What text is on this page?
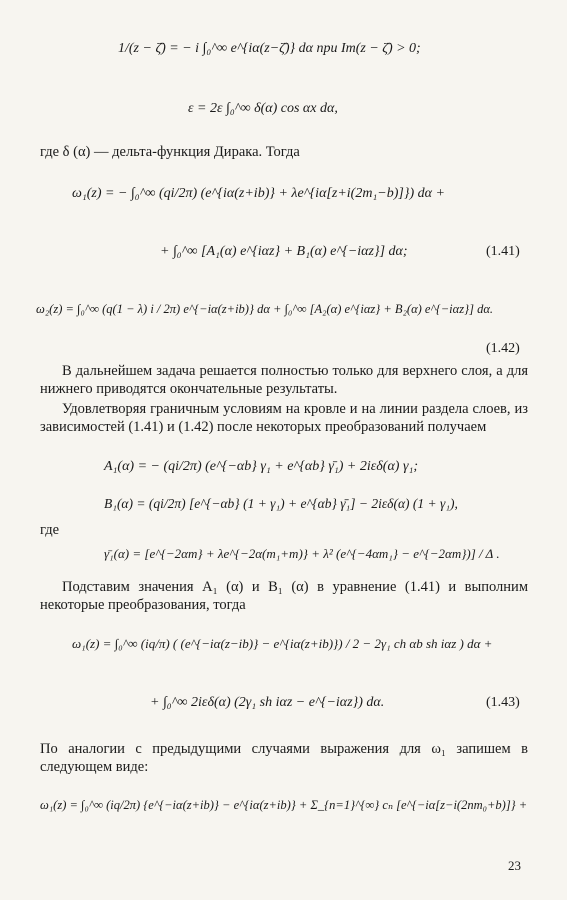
1/(z − ζ̄) = − i ∫₀^∞ e^{iα(z−ζ̄)} dα при Im(z − ζ̄) > 0;
ε = 2ε ∫₀^∞ δ(α) cos αx dα,
где δ (α) — дельта-функция Дирака. Тогда
ω₁(z) = − ∫₀^∞ (qi/2π) (e^{iα(z+ib)} + λe^{iα[z+i(2m₁−b)]}) dα +
+ ∫₀^∞ [A₁(α) e^{iαz} + B₁(α) e^{−iαz}] dα;	(1.41)
ω₂(z) = ∫₀^∞ (q(1 − λ) i / 2π) e^{−iα(z+ib)} dα + ∫₀^∞ [A₂(α) e^{iαz} + B₂(α) e^{−iαz}] dα.
(1.42)
В дальнейшем задача решается полностью только для верхнего слоя, а для нижнего приводятся окончательные результаты.
Удовлетворяя граничным условиям на кровле и на линии раздела слоев, из зависимостей (1.41) и (1.42) после некоторых преобразований получаем
A₁(α) = − (qi/2π) (e^{−αb} γ₁ + e^{αb} γ̄₁) + 2iεδ(α) γ₁;
B₁(α) = (qi/2π) [e^{−αb} (1 + γ₁) + e^{αb} γ̄₁] − 2iεδ(α) (1 + γ₁),
где
γ̄₁(α) = [e^{−2αm} + λe^{−2α(m₁+m)} + λ² (e^{−4αm₁} − e^{−2αm})] / Δ .
Подставим значения A₁ (α) и B₁ (α) в уравнение (1.41) и выполним некоторые преобразования, тогда
ω₁(z) = ∫₀^∞ (iq/π) ( (e^{−iα(z−ib)} − e^{iα(z+ib)}) / 2 − 2γ₁ ch αb sh iαz ) dα +
+ ∫₀^∞ 2iεδ(α) (2γ₁ sh iαz − e^{−iαz}) dα.	(1.43)
По аналогии с предыдущими случаями выражения для ω₁ запишем в следующем виде:
ω₁(z) = ∫₀^∞ (iq/2π) {e^{−iα(z+ib)} − e^{iα(z+ib)} + Σ_{n=1}^{∞} cₙ [e^{−iα[z−i(2nm₀+b)]} +
23
